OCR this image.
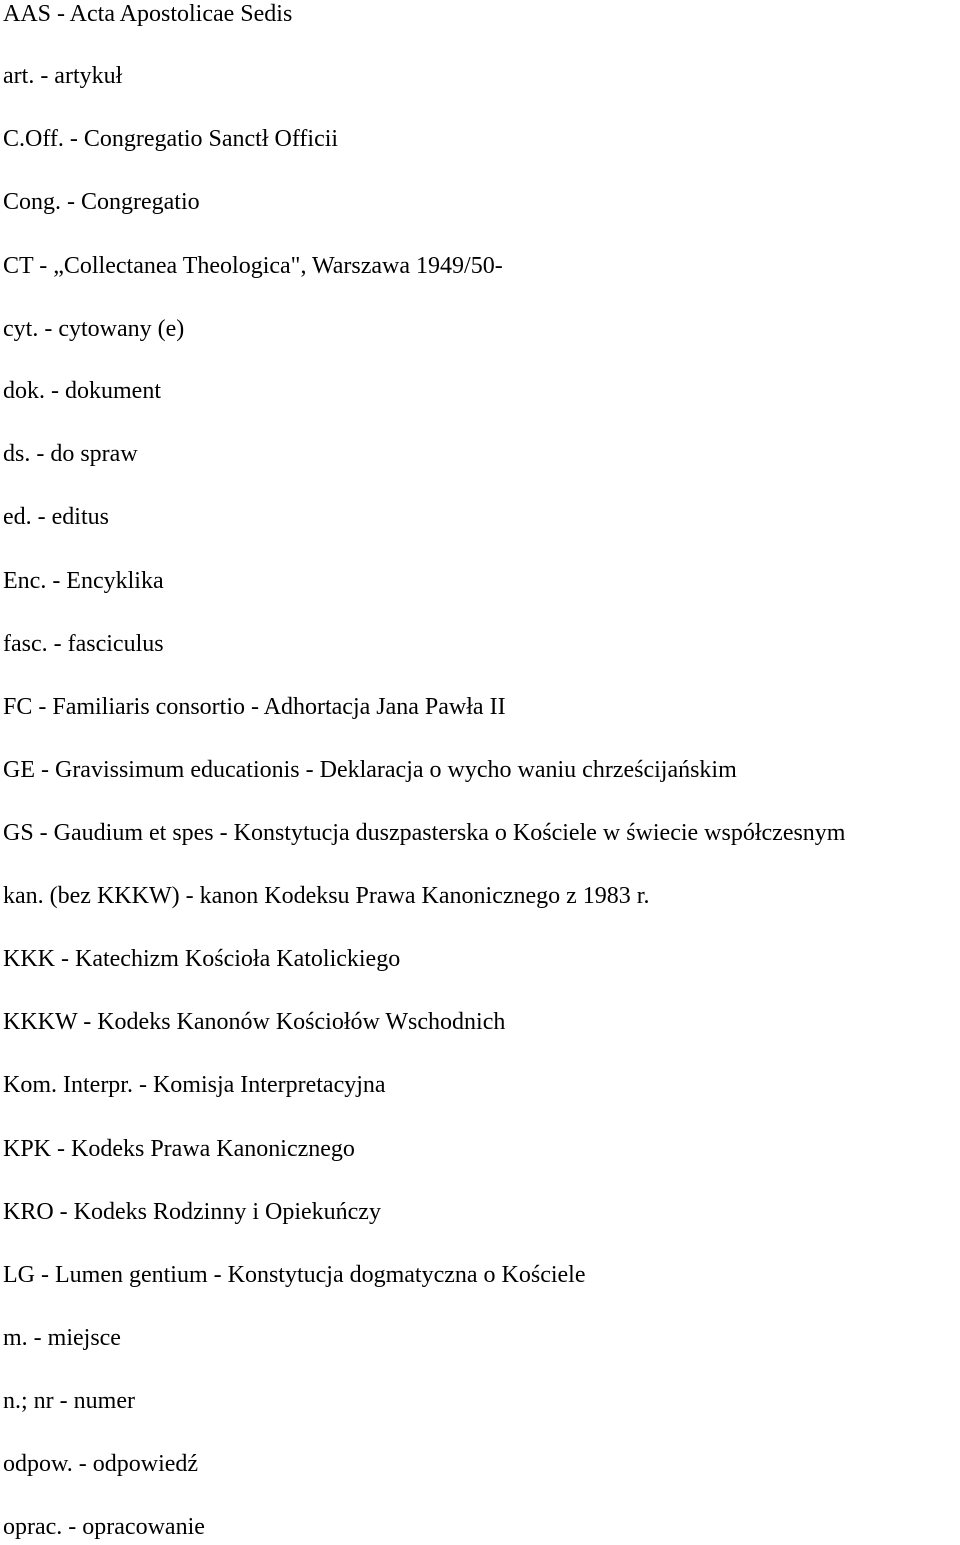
AAS - Acta Apostolicae Sedis
art. - artykuł
C.Off. - Congregatio Sanctł Officii
Cong. - Congregatio
CT - „Collectanea Theologica", Warszawa 1949/50-
cyt. - cytowany (e)
dok. - dokument
ds. - do spraw
ed. - editus
Enc. - Encyklika
fasc. - fasciculus
FC - Familiaris consortio - Adhortacja Jana Pawła II
GE - Gravissimum educationis - Deklaracja o wycho waniu chrześcijańskim
GS - Gaudium et spes - Konstytucja duszpasterska o Kościele w świecie współczesnym
kan. (bez KKKW) - kanon Kodeksu Prawa Kanonicznego z 1983 r.
KKK - Katechizm Kościoła Katolickiego
KKKW - Kodeks Kanonów Kościołów Wschodnich
Kom. Interpr. - Komisja Interpretacyjna
KPK - Kodeks Prawa Kanonicznego
KRO - Kodeks Rodzinny i Opiekuńczy
LG - Lumen gentium - Konstytucja dogmatyczna o Kościele
m. - miejsce
n.; nr - numer
odpow. - odpowiedź
oprac. - opracowanie
